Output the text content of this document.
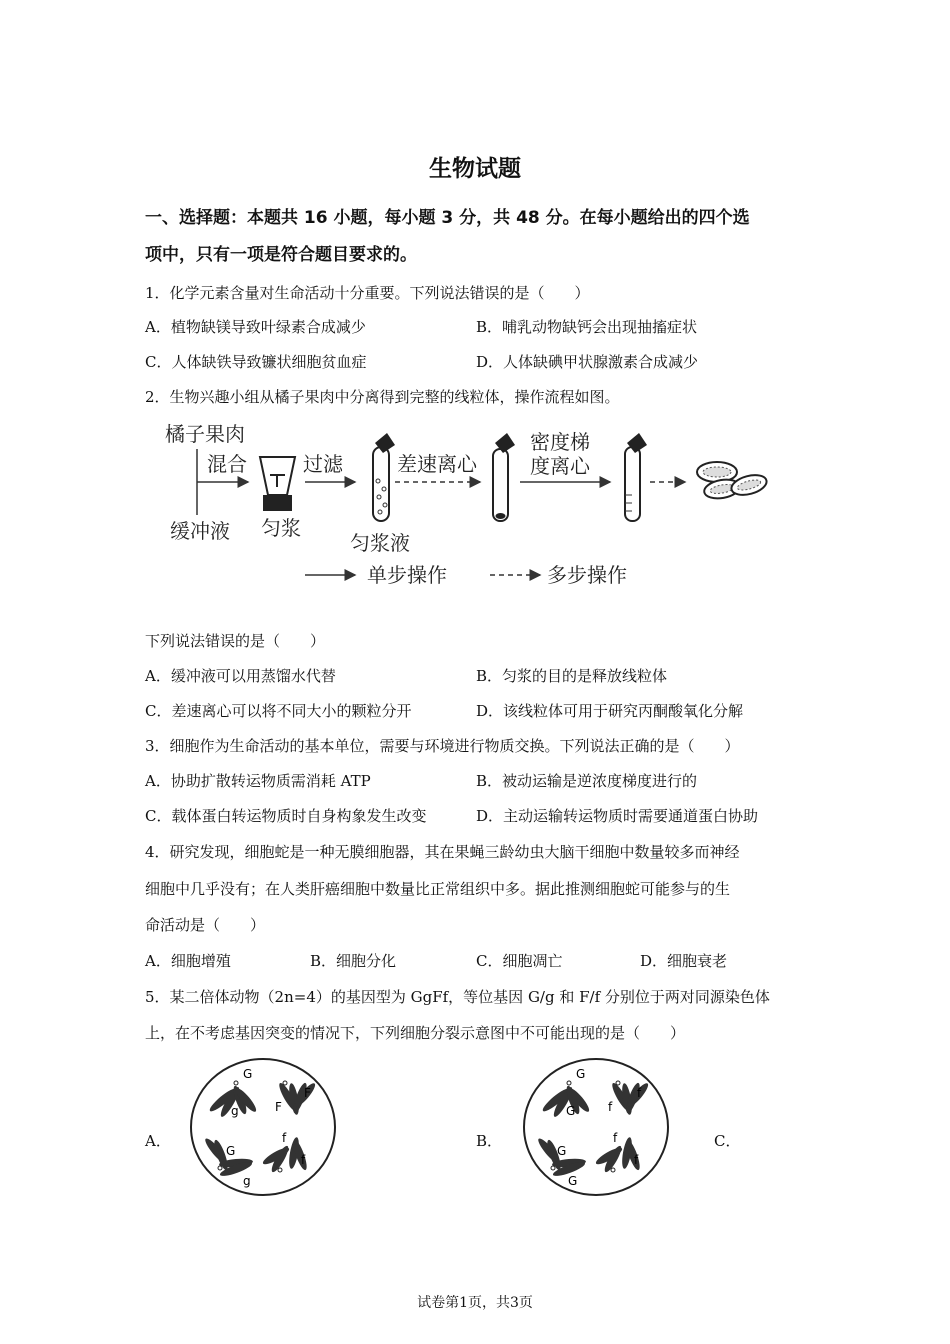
生物试题
一、选择题：本题共 16 小题，每小题 3 分，共 48 分。在每小题给出的四个选
项中，只有一项是符合题目要求的。
1．化学元素含量对生命活动十分重要。下列说法错误的是（　　）
A．植物缺镁导致叶绿素合成减少	B．哺乳动物缺钙会出现抽搐症状
C．人体缺铁导致镰状细胞贫血症	D．人体缺碘甲状腺激素合成减少
2．生物兴趣小组从橘子果肉中分离得到完整的线粒体，操作流程如图。
橘子果肉
混合
缓冲液 匀浆
过滤
匀浆液
差速离心
密度梯
度离心
单步操作	多步操作
下列说法错误的是（　　）
A．缓冲液可以用蒸馏水代替	B．匀浆的目的是释放线粒体
C．差速离心可以将不同大小的颗粒分开	D．该线粒体可用于研究丙酮酸氧化分解
3．细胞作为生命活动的基本单位，需要与环境进行物质交换。下列说法正确的是（　　）
A．协助扩散转运物质需消耗 ATP	B．被动运输是逆浓度梯度进行的
C．载体蛋白转运物质时自身构象发生改变	D．主动运输转运物质时需要通道蛋白协助
4．研究发现，细胞蛇是一种无膜细胞器，其在果蝇三龄幼虫大脑干细胞中数量较多而神经
细胞中几乎没有；在人类肝癌细胞中数量比正常组织中多。据此推测细胞蛇可能参与的生
命活动是（　　）
A．细胞增殖	B．细胞分化	C．细胞凋亡	D．细胞衰老
5．某二倍体动物（2n=4）的基因型为 GgFf，等位基因 G/g 和 F/f 分别位于两对同源染色体
上，在不考虑基因突变的情况下，下列细胞分裂示意图中不可能出现的是（　　）
A．
G
g
F
F
G
g
f
f
B．
G
G
f
f
G
G
f
f
C．
试卷第1页，共3页
